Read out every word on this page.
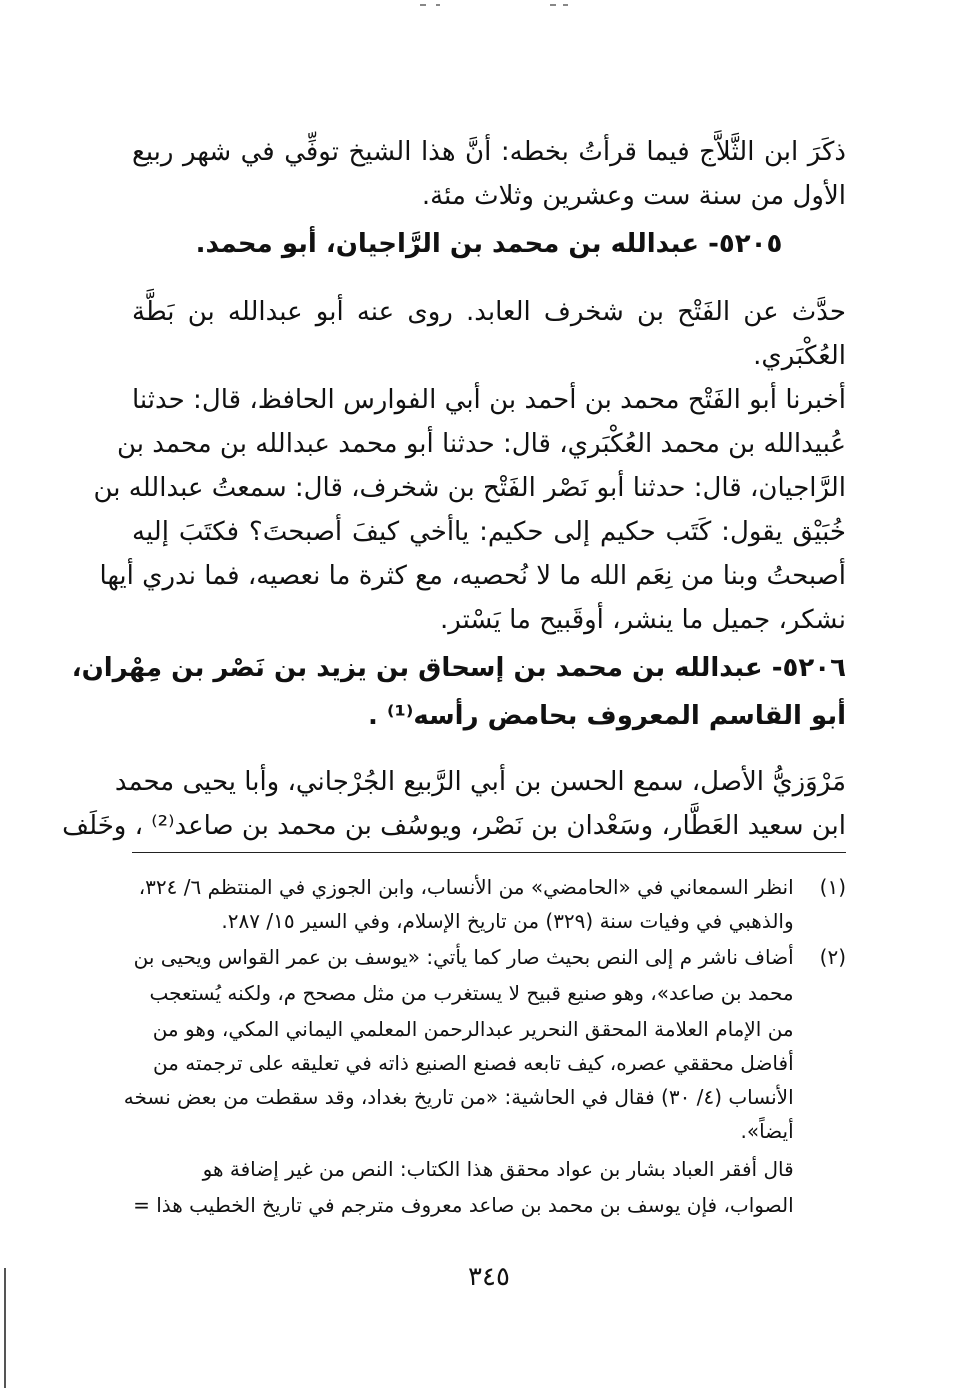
ذكَرَ ابن الثَّلاَّج فيما قرأتُ بخطه: أنَّ هذا الشيخ توفِّي في شهر ربيع
الأول من سنة ست وعشرين وثلاث مئة.
٥٢٠٥- عبدالله بن محمد بن الرَّاجيان، أبو محمد.
حدَّث عن الفَتْح بن شخرف العابد. روى عنه أبو عبدالله بن بَطَّة
العُكْبَري.
أخبرنا أبو الفَتْح محمد بن أحمد بن أبي الفوارس الحافظ، قال: حدثنا
عُبيدالله بن محمد العُكْبَري، قال: حدثنا أبو محمد عبدالله بن محمد بن
الرَّاجيان، قال: حدثنا أبو نَصْر الفَتْح بن شخرف، قال: سمعتُ عبدالله بن
خُبَيْق يقول: كَتَب حكيم إلى حكيم: ياأخي كيفَ أصبحتَ؟ فكتَبَ إليه
أصبحتُ وبنا من نِعَم الله ما لا نُحصيه، مع كثرة ما نعصيه، فما ندري أيها
نشكر، جميل ما ينشر، أوقَبيح ما يَسْتر.
٥٢٠٦- عبدالله بن محمد بن إسحاق بن يزيد بن نَصْر بن مِهْران،
أبو القاسم المعروف بحامض رأسه⁽¹⁾ .
مَرْوَزيُّ الأصل، سمع الحسن بن أبي الرَّبيع الجُرْجاني، وأبا يحيى محمد
ابن سعيد العَطَّار، وسَعْدان بن نَصْر، ويوسُف بن محمد بن صاعد⁽²⁾ ، وخَلَف
(١) انظر السمعاني في «الحامضي» من الأنساب، وابن الجوزي في المنتظم ٦/ ٣٢٤،
والذهبي في وفيات سنة (٣٢٩) من تاريخ الإسلام، وفي السير ١٥/ ٢٨٧.
(٢) أضاف ناشر م إلى النص بحيث صار كما يأتي: «يوسف بن عمر القواس ويحيى بن
محمد بن صاعد»، وهو صنيع قبيح لا يستغرب من مثل مصحح م، ولكنه يُستعجب
من الإمام العلامة المحقق النحرير عبدالرحمن المعلمي اليماني المكي، وهو من
أفاضل محققي عصره، كيف تابعه فصنع الصنيع ذاته في تعليقه على ترجمته من
الأنساب (٤/ ٣٠) فقال في الحاشية: «من تاريخ بغداد، وقد سقطت من بعض نسخه
أيضاً».
قال أفقر العباد بشار بن عواد محقق هذا الكتاب: النص من غير إضافة هو
الصواب، فإن يوسف بن محمد بن صاعد معروف مترجم في تاريخ الخطيب هذا =
٣٤٥
